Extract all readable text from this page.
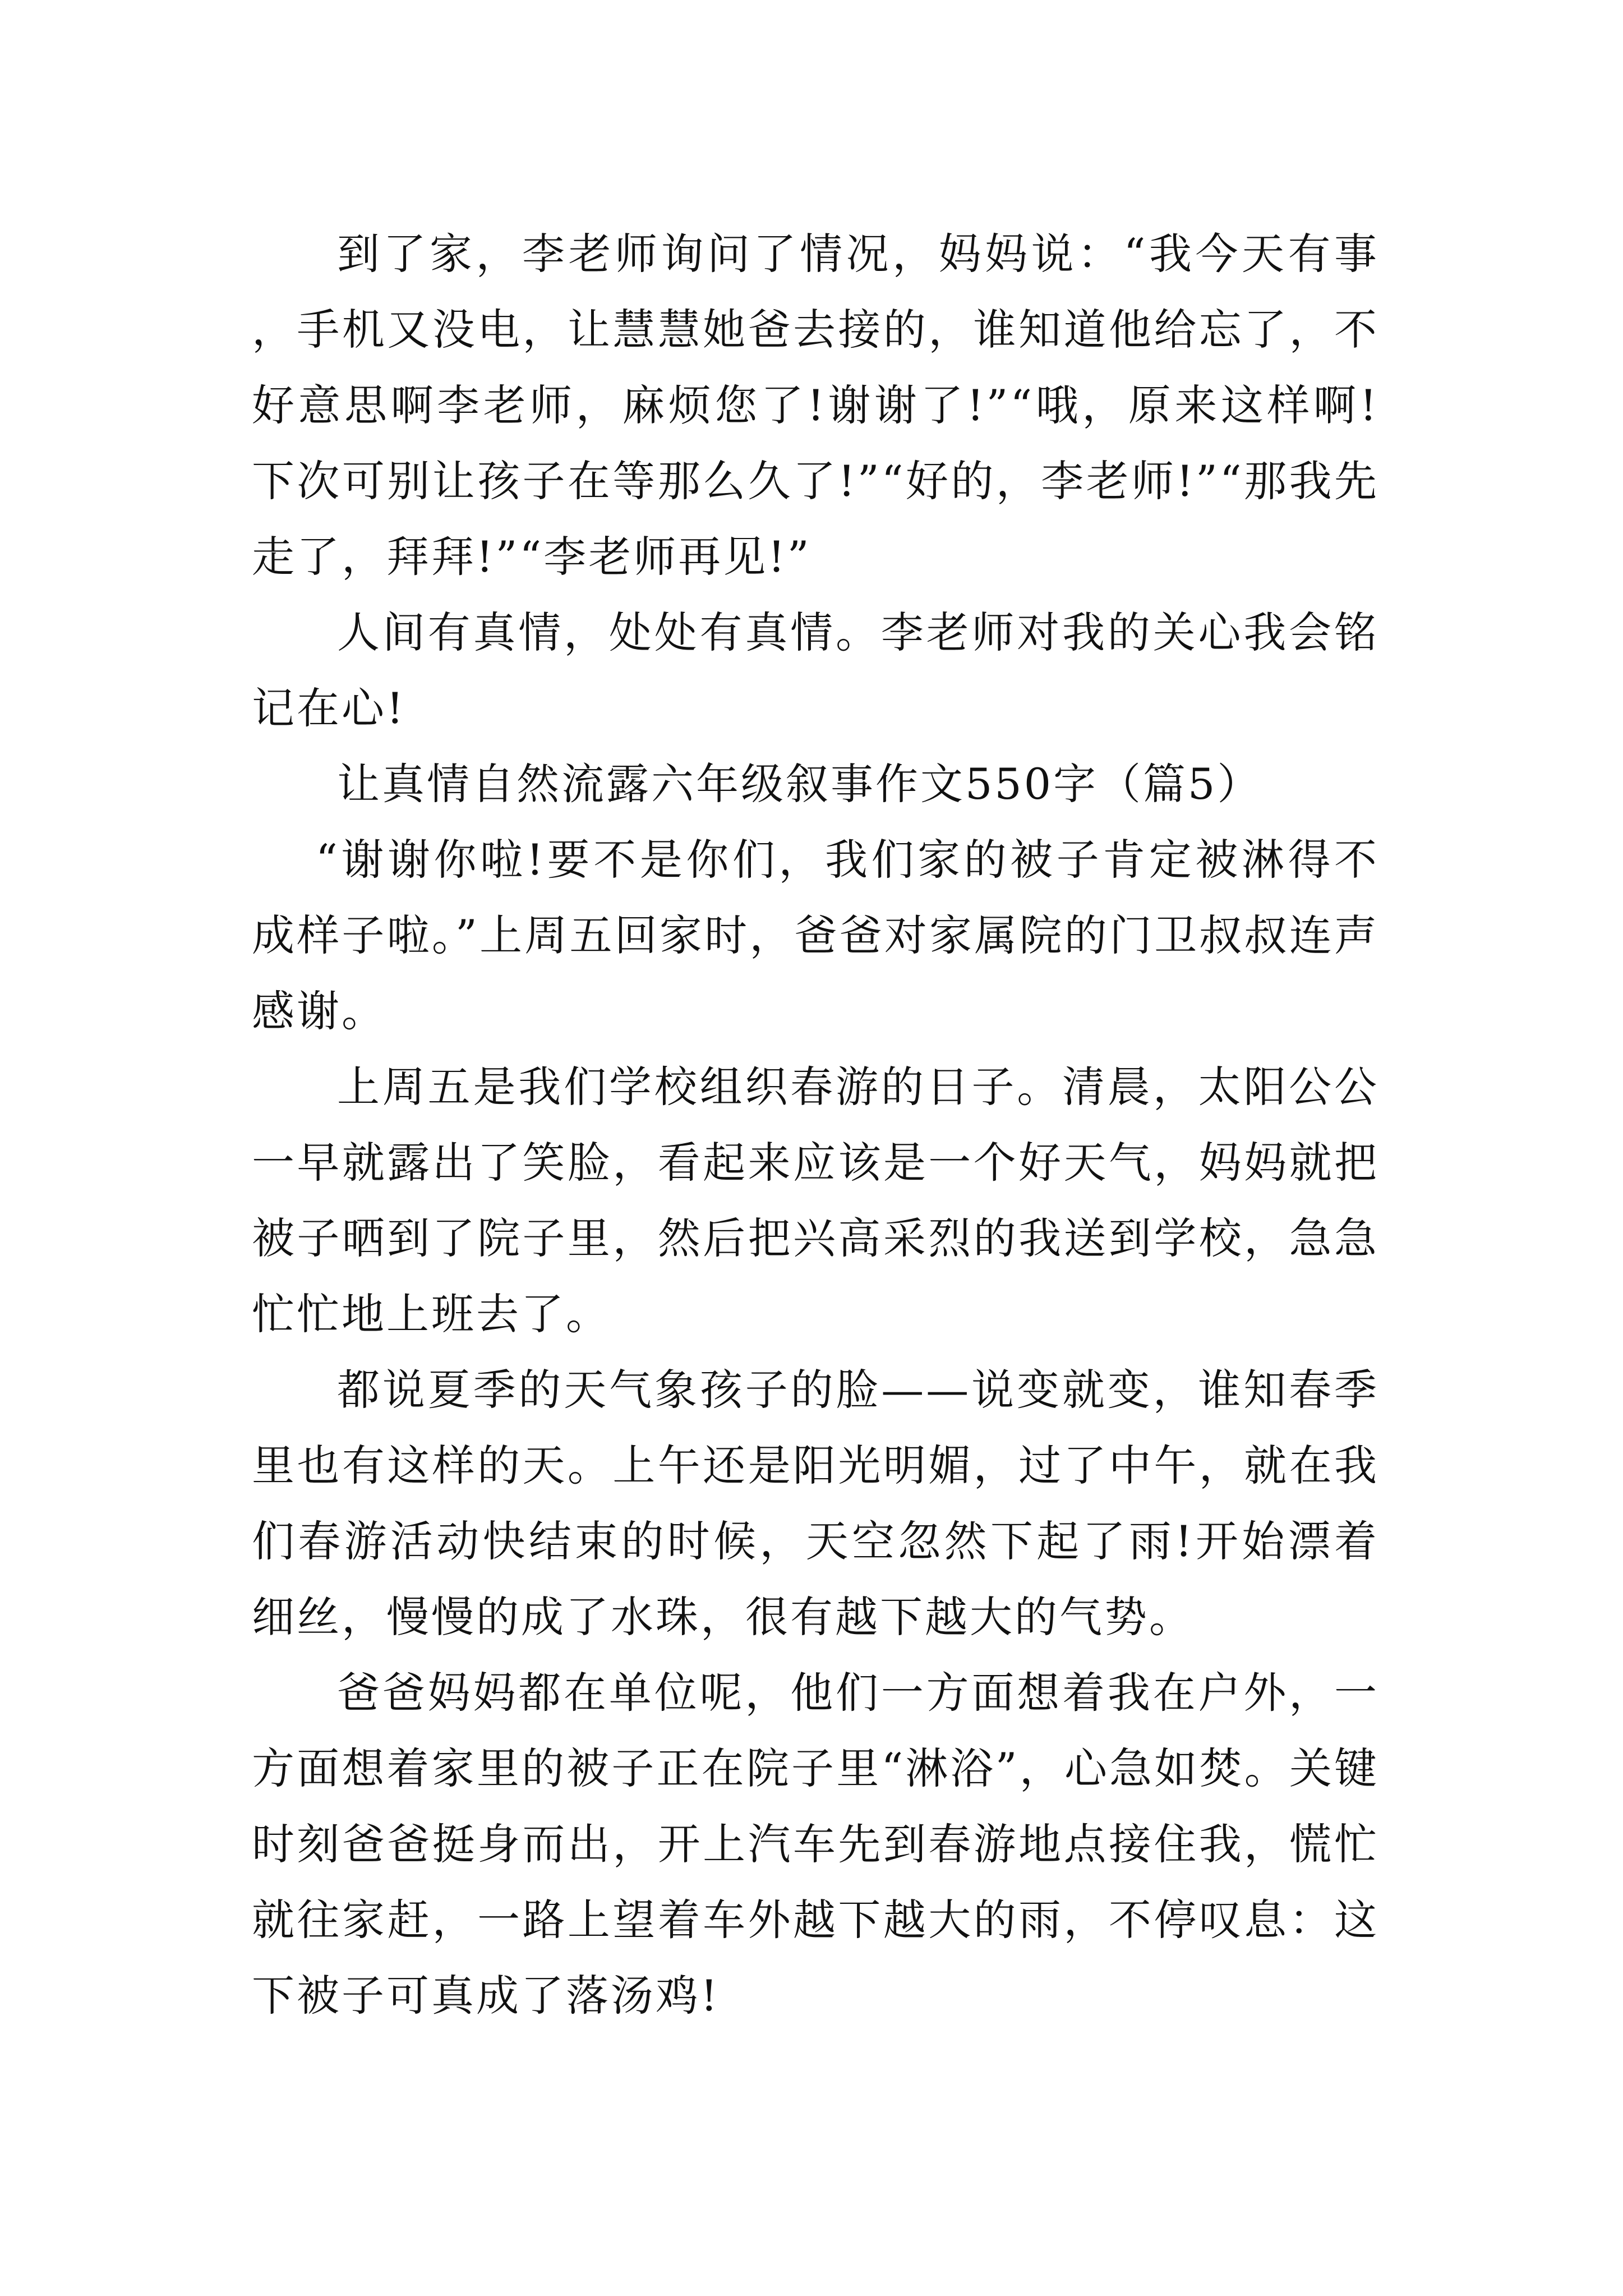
到了家，李老师询问了情况，妈妈说：“我今天有事，手机又没电，让慧慧她爸去接的，谁知道他给忘了，不好意思啊李老师，麻烦您了!谢谢了!”“哦，原来这样啊!下次可别让孩子在等那么久了!”“好的，李老师!”“那我先走了，拜拜!”“李老师再见!”

人间有真情，处处有真情。李老师对我的关心我会铭记在心!

让真情自然流露六年级叙事作文550字（篇5）

“谢谢你啦!要不是你们，我们家的被子肯定被淋得不成样子啦。”上周五回家时，爸爸对家属院的门卫叔叔连声感谢。

上周五是我们学校组织春游的日子。清晨，太阳公公一早就露出了笑脸，看起来应该是一个好天气，妈妈就把被子晒到了院子里，然后把兴高采烈的我送到学校，急急忙忙地上班去了。

都说夏季的天气象孩子的脸——说变就变，谁知春季里也有这样的天。上午还是阳光明媚，过了中午，就在我们春游活动快结束的时候，天空忽然下起了雨!开始漂着细丝，慢慢的成了水珠，很有越下越大的气势。

爸爸妈妈都在单位呢，他们一方面想着我在户外，一方面想着家里的被子正在院子里“淋浴”，心急如焚。关键时刻爸爸挺身而出，开上汽车先到春游地点接住我，慌忙就往家赶，一路上望着车外越下越大的雨，不停叹息：这下被子可真成了落汤鸡!
